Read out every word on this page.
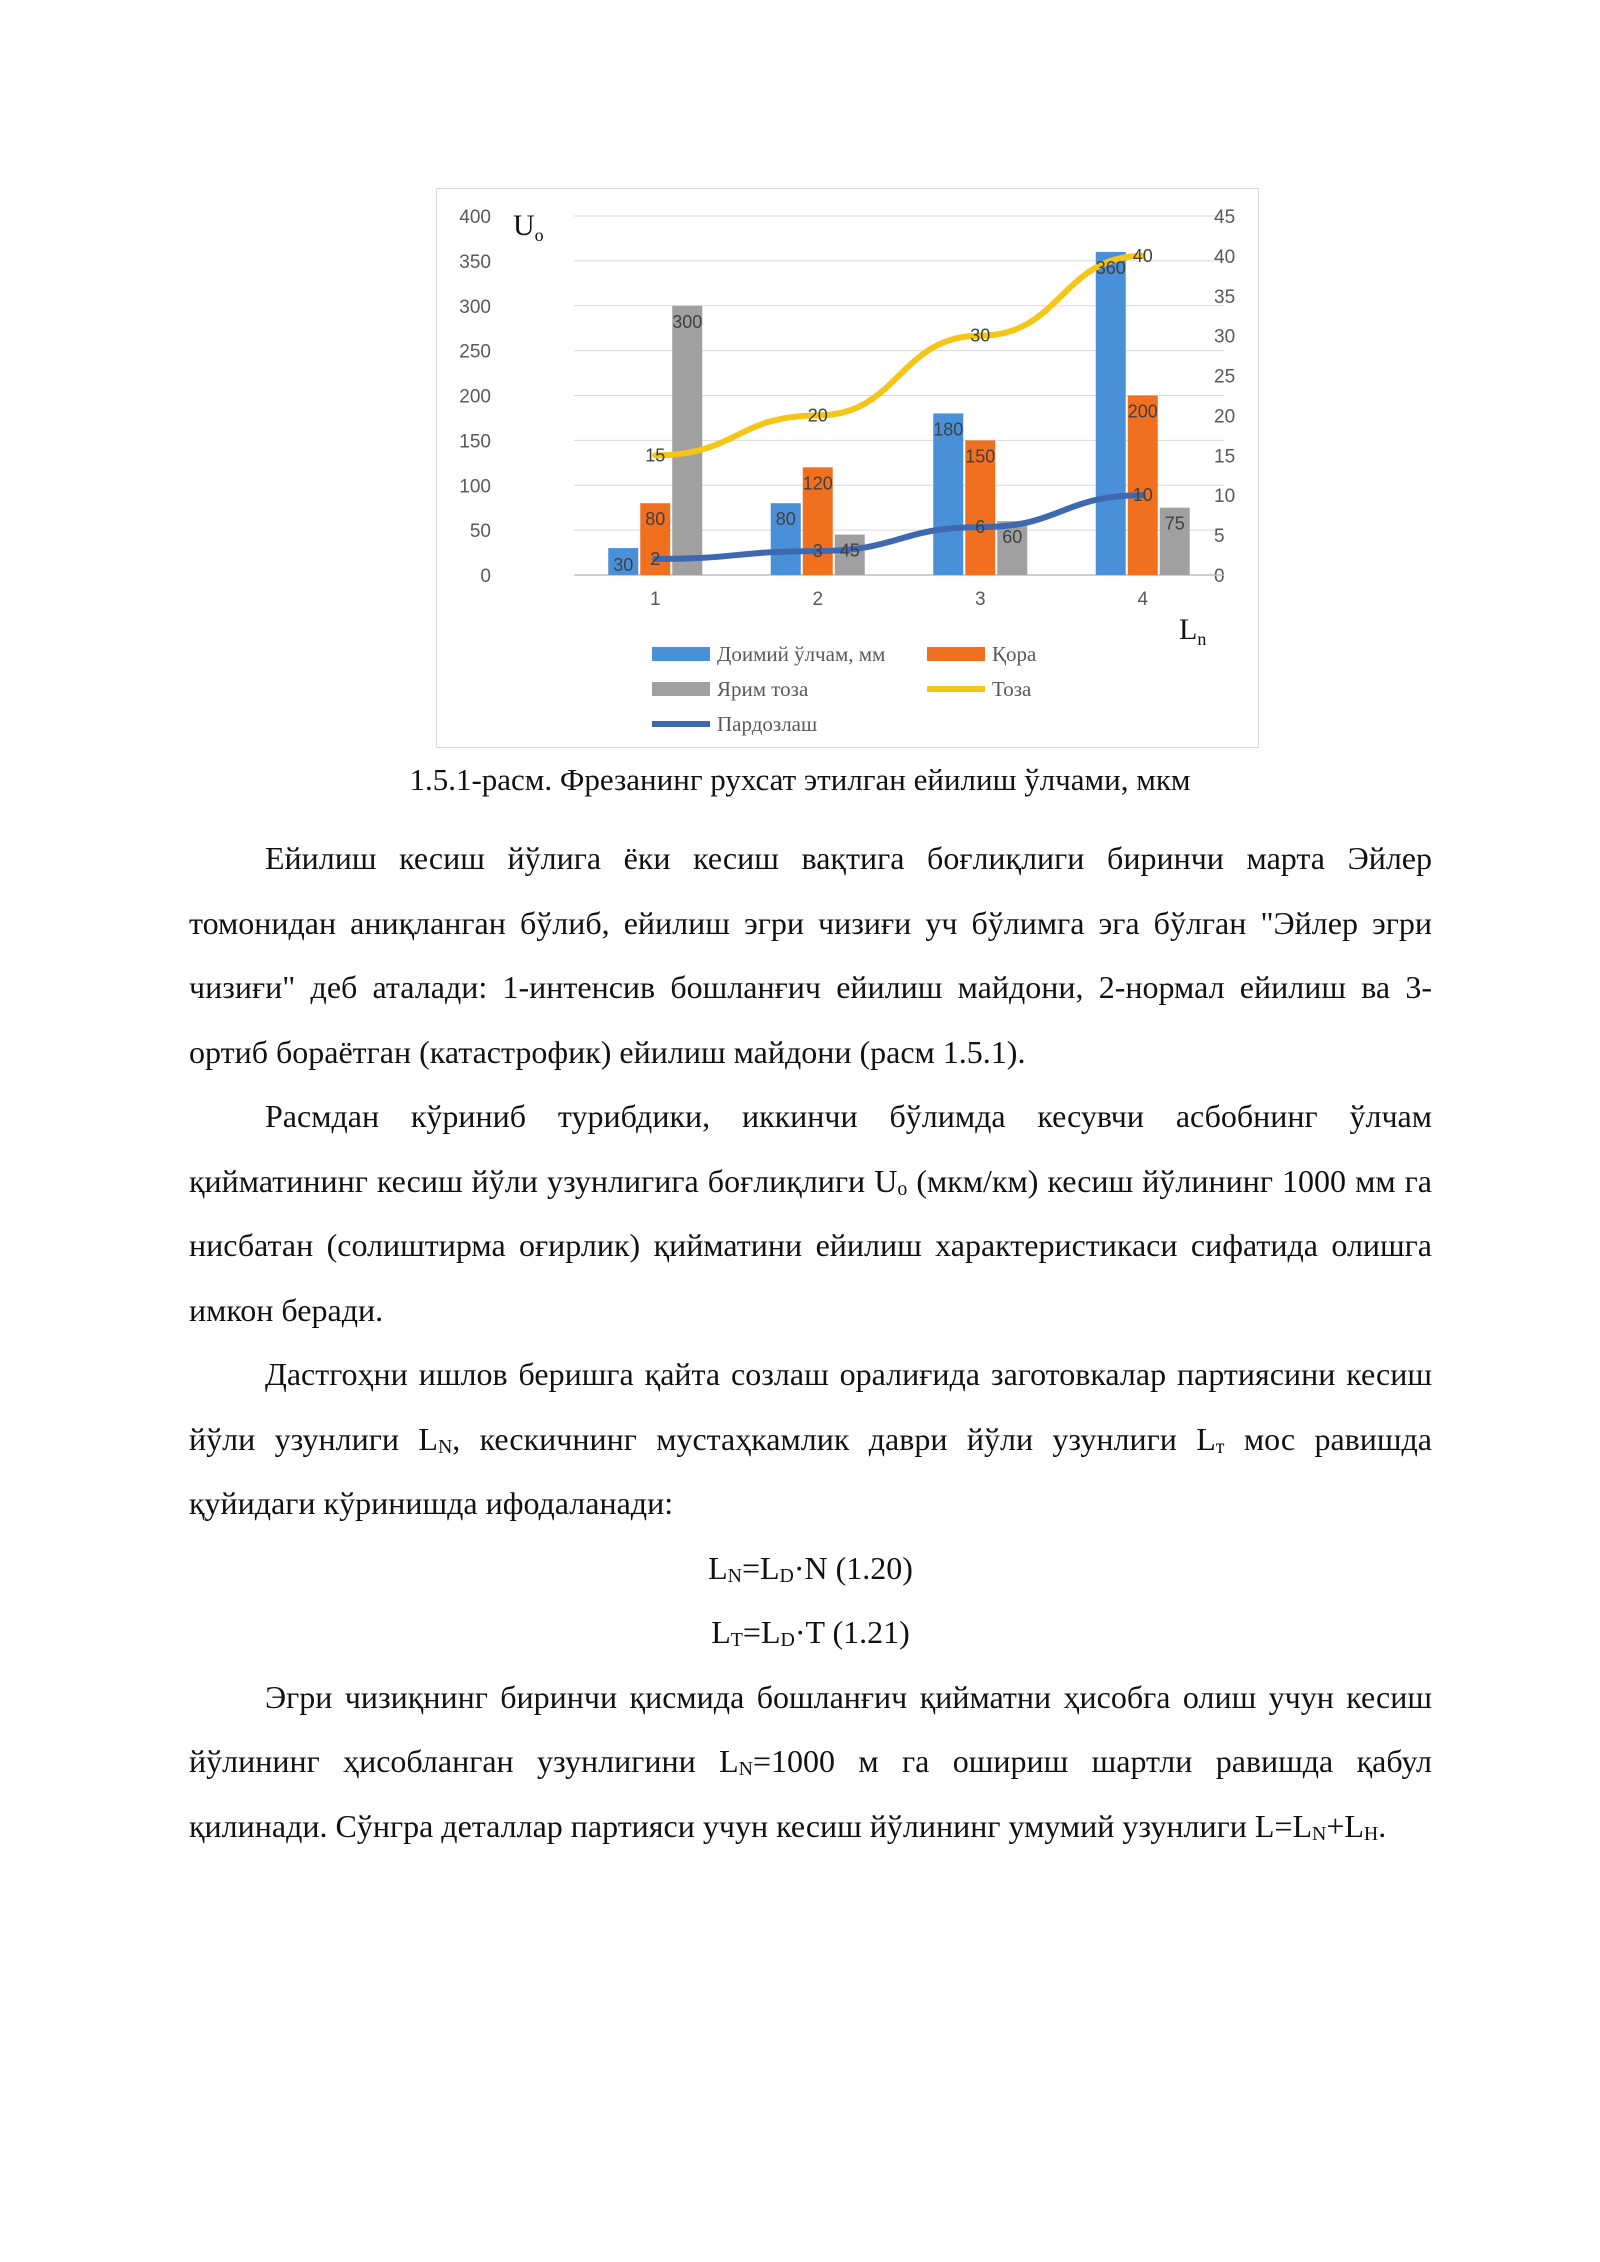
0
50
100
150
200
250
300
350
400
0
5
10
15
20
25
30
35
40
45
1	2	3	4
30
80
180
360
80
120
150
200
300
45
60
75
15
20
30
40
2	3
6
10
$U_o$
$L_n$
Доимий ўлчам, мм	Қора
Ярим тоза	Тоза
Пардозлаш

1.5.1-расм. Фрезанинг рухсат этилган ейилиш ўлчами, мкм

Ейилиш кесиш йўлига ёки кесиш вақтига боғлиқлиги биринчи марта Эйлер томонидан аниқланган бўлиб, ейилиш эгри чизиғи уч бўлимга эга бўлган "Эйлер эгри чизиғи" деб аталади: 1-интенсив бошланғич ейилиш майдони, 2-нормал ейилиш ва 3-ортиб бораётган (катастрофик) ейилиш майдони (расм 1.5.1).

Расмдан кўриниб турибдики, иккинчи бўлимда кесувчи асбобнинг ўлчам қийматининг кесиш йўли узунлигига боғлиқлиги $U_o$ (мкм/км) кесиш йўлининг 1000 мм га нисбатан (солиштирма оғирлик) қийматини ейилиш характеристикаси сифатида олишга имкон беради.

Дастгоҳни ишлов беришга қайта созлаш оралиғида заготовкалар партиясини кесиш йўли узунлиги $L_N$, кескичнинг мустаҳкамлик даври йўли узунлиги $L_т$ мос равишда қуйидаги кўринишда ифодаланади:

$L_N=L_D\cdot N$ (1.20)

$L_T=L_D\cdot T$ (1.21)

Эгри чизиқнинг биринчи қисмида бошланғич қийматни ҳисобга олиш учун кесиш йўлининг ҳисобланган узунлигини $L_N=1000$ м га ошириш шартли равишда қабул қилинади. Сўнгра деталлар партияси учун кесиш йўлининг умумий узунлиги $L=L_N+L_H$.
